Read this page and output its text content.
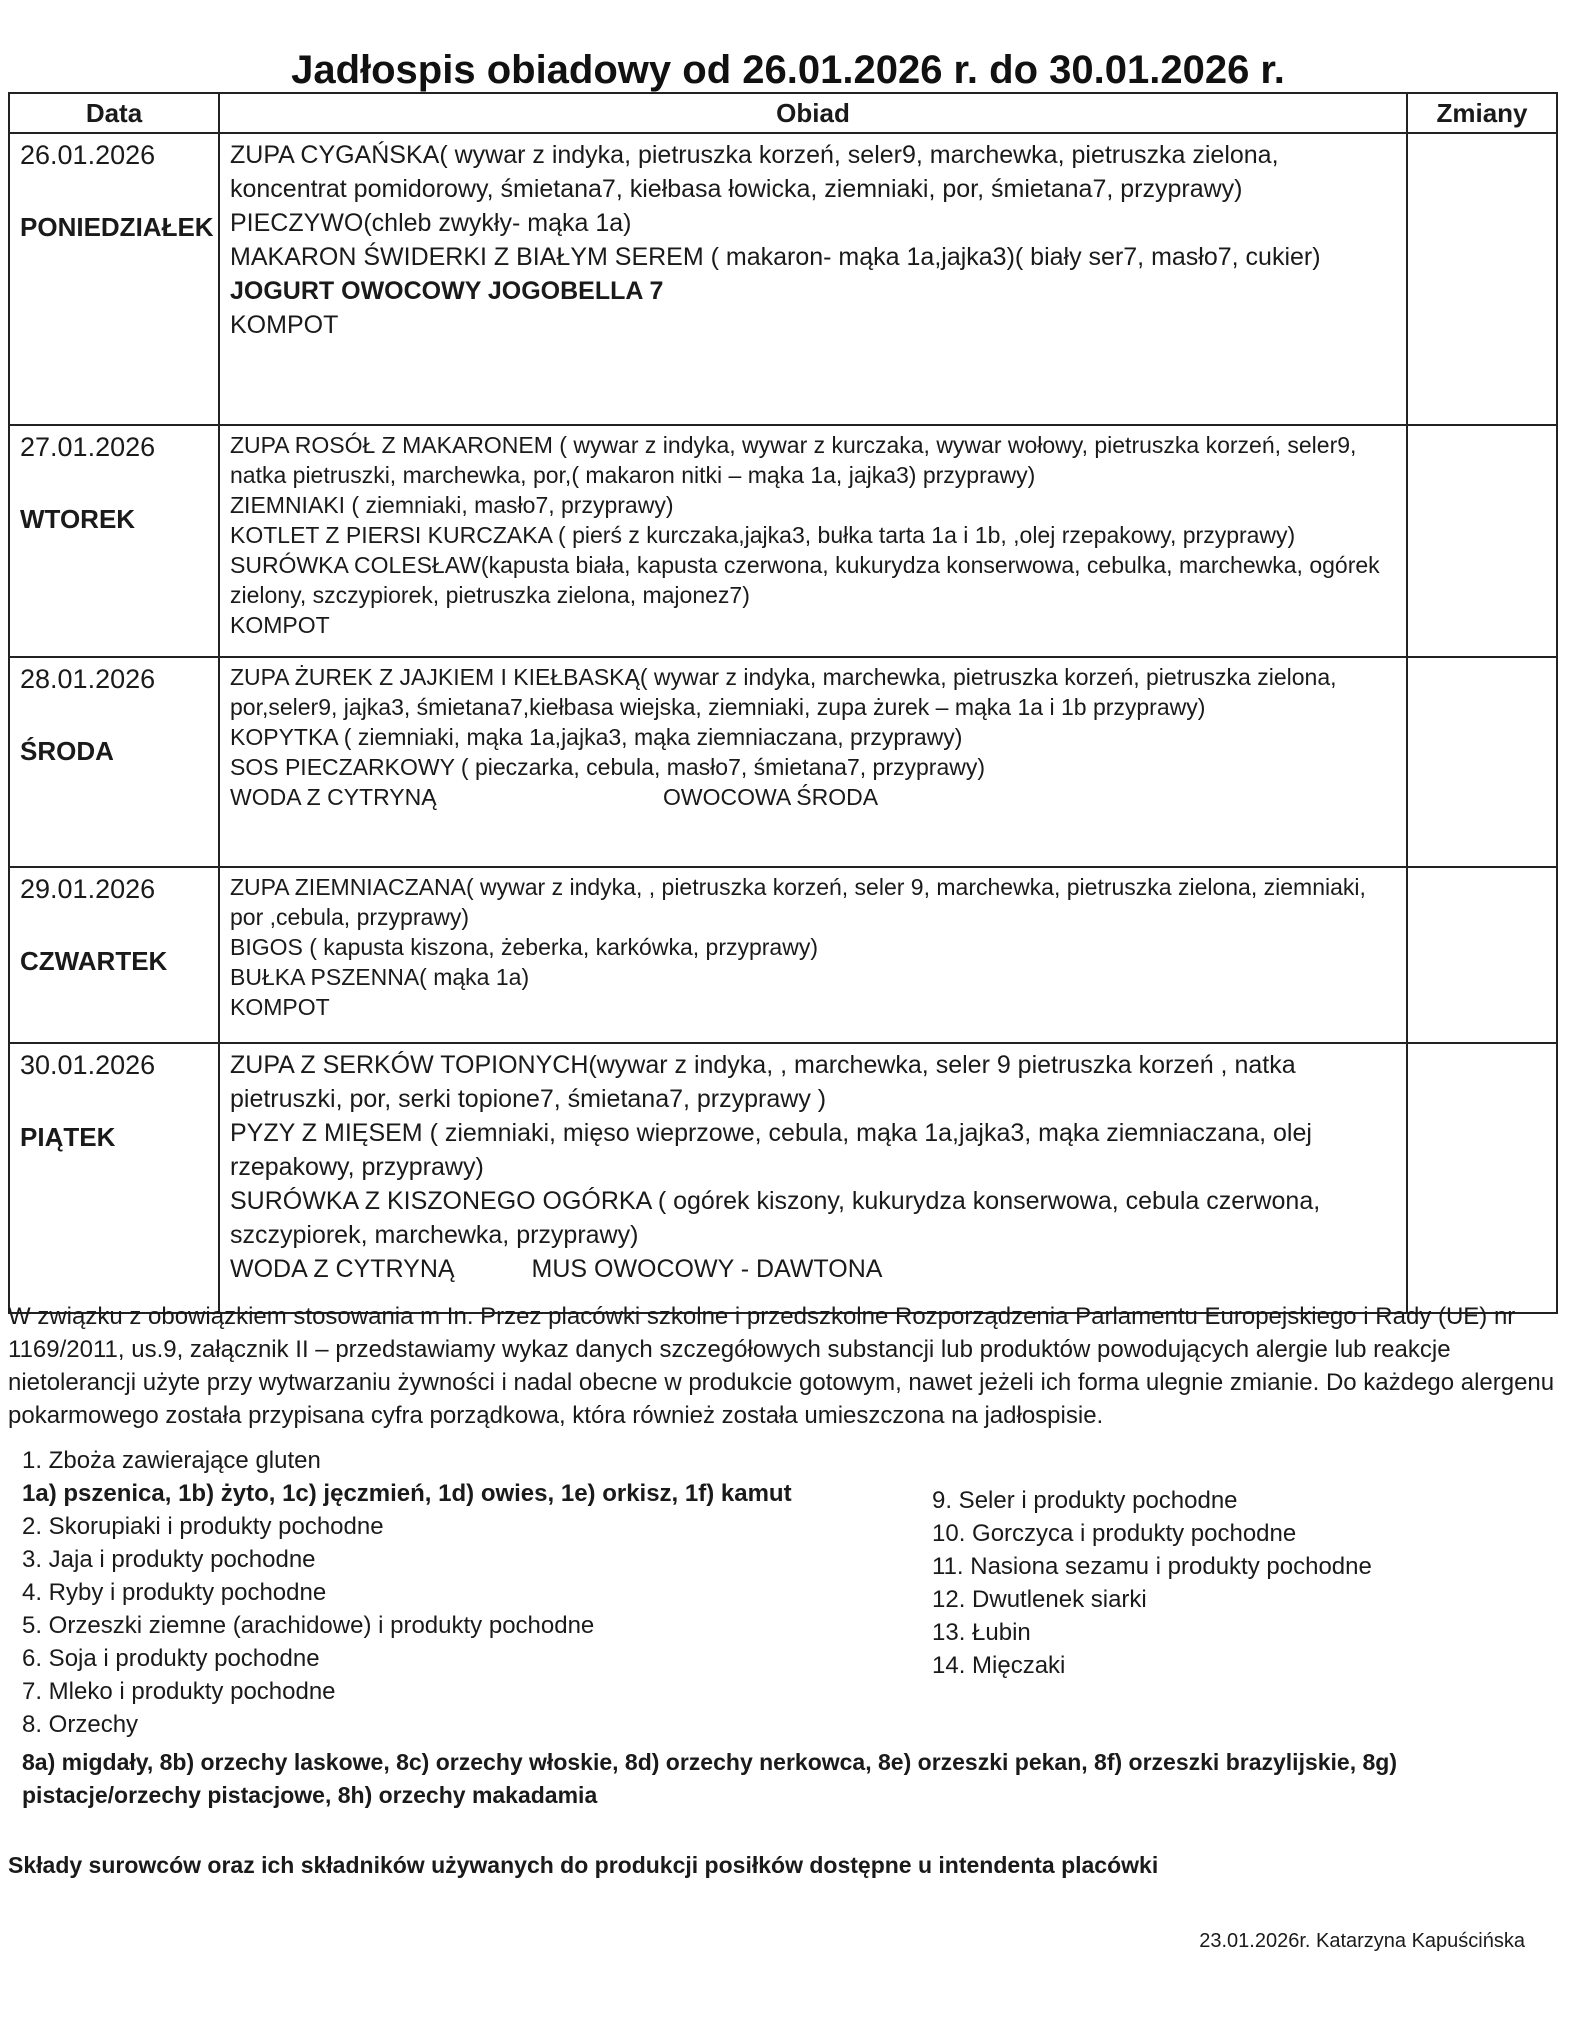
Jadłospis obiadowy od 26.01.2026 r. do 30.01.2026 r.
Data	Obiad	Zmiany

26.01.2026
PONIEDZIAŁEK	ZUPA CYGAŃSKA( wywar z indyka, pietruszka korzeń, seler9, marchewka, pietruszka zielona, koncentrat pomidorowy, śmietana7, kiełbasa łowicka, ziemniaki, por, śmietana7, przyprawy)
PIECZYWO(chleb zwykły- mąka 1a)
MAKARON ŚWIDERKI Z BIAŁYM SEREM ( makaron- mąka 1a,jajka3)( biały ser7, masło7, cukier)
JOGURT OWOCOWY JOGOBELLA 7
KOMPOT	

27.01.2026
WTOREK	ZUPA ROSÓŁ Z MAKARONEM ( wywar z indyka, wywar z kurczaka, wywar wołowy, pietruszka korzeń, seler9, natka pietruszki, marchewka, por,( makaron nitki – mąka 1a, jajka3) przyprawy)
ZIEMNIAKI ( ziemniaki, masło7, przyprawy)
KOTLET Z PIERSI KURCZAKA ( pierś z kurczaka,jajka3, bułka tarta 1a i 1b, ,olej rzepakowy, przyprawy)
SURÓWKA COLESŁAW(kapusta biała, kapusta czerwona, kukurydza konserwowa, cebulka, marchewka, ogórek zielony, szczypiorek, pietruszka zielona, majonez7)
KOMPOT	

28.01.2026
ŚRODA	ZUPA ŻUREK Z JAJKIEM I KIEŁBASKĄ( wywar z indyka, marchewka, pietruszka korzeń, pietruszka zielona, por,seler9, jajka3, śmietana7,kiełbasa wiejska, ziemniaki, zupa żurek – mąka 1a i 1b przyprawy)
KOPYTKA ( ziemniaki, mąka 1a,jajka3, mąka ziemniaczana, przyprawy)
SOS PIECZARKOWY ( pieczarka, cebula, masło7, śmietana7, przyprawy)
WODA Z CYTRYNĄ OWOCOWA ŚRODA	

29.01.2026
CZWARTEK	ZUPA ZIEMNIACZANA( wywar z indyka, , pietruszka korzeń, seler 9, marchewka, pietruszka zielona, ziemniaki, por ,cebula, przyprawy)
BIGOS ( kapusta kiszona, żeberka, karkówka, przyprawy)
BUŁKA PSZENNA( mąka 1a)
KOMPOT	

30.01.2026
PIĄTEK	ZUPA Z SERKÓW TOPIONYCH(wywar z indyka, , marchewka, seler 9 pietruszka korzeń , natka pietruszki, por, serki topione7, śmietana7, przyprawy )
PYZY Z MIĘSEM ( ziemniaki, mięso wieprzowe, cebula, mąka 1a,jajka3, mąka ziemniaczana, olej rzepakowy, przyprawy)
SURÓWKA Z KISZONEGO OGÓRKA ( ogórek kiszony, kukurydza konserwowa, cebula czerwona, szczypiorek, marchewka, przyprawy)
WODA Z CYTRYNĄ MUS OWOCOWY - DAWTONA	

W związku z obowiązkiem stosowania m In. Przez placówki szkolne i przedszkolne Rozporządzenia Parlamentu Europejskiego i Rady (UE) nr 1169/2011, us.9, załącznik II – przedstawiamy wykaz danych szczegółowych substancji lub produktów powodujących alergie lub reakcje nietolerancji użyte przy wytwarzaniu żywności i nadal obecne w produkcie gotowym, nawet jeżeli ich forma ulegnie zmianie. Do każdego alergenu pokarmowego została przypisana cyfra porządkowa, która również została umieszczona na jadłospisie.
1. Zboża zawierające gluten
1a) pszenica, 1b) żyto, 1c) jęczmień, 1d) owies, 1e) orkisz, 1f) kamut
2. Skorupiaki i produkty pochodne
3. Jaja i produkty pochodne
4. Ryby i produkty pochodne
5. Orzeszki ziemne (arachidowe) i produkty pochodne
6. Soja i produkty pochodne
7. Mleko i produkty pochodne
8. Orzechy
9. Seler i produkty pochodne
10. Gorczyca i produkty pochodne
11. Nasiona sezamu i produkty pochodne
12. Dwutlenek siarki
13. Łubin
14. Mięczaki
8a) migdały, 8b) orzechy laskowe, 8c) orzechy włoskie, 8d) orzechy nerkowca, 8e) orzeszki pekan, 8f) orzeszki brazylijskie, 8g) pistacje/orzechy pistacjowe, 8h) orzechy makadamia
Składy surowców oraz ich składników używanych do produkcji posiłków dostępne u intendenta placówki
23.01.2026r. Katarzyna Kapuścińska
